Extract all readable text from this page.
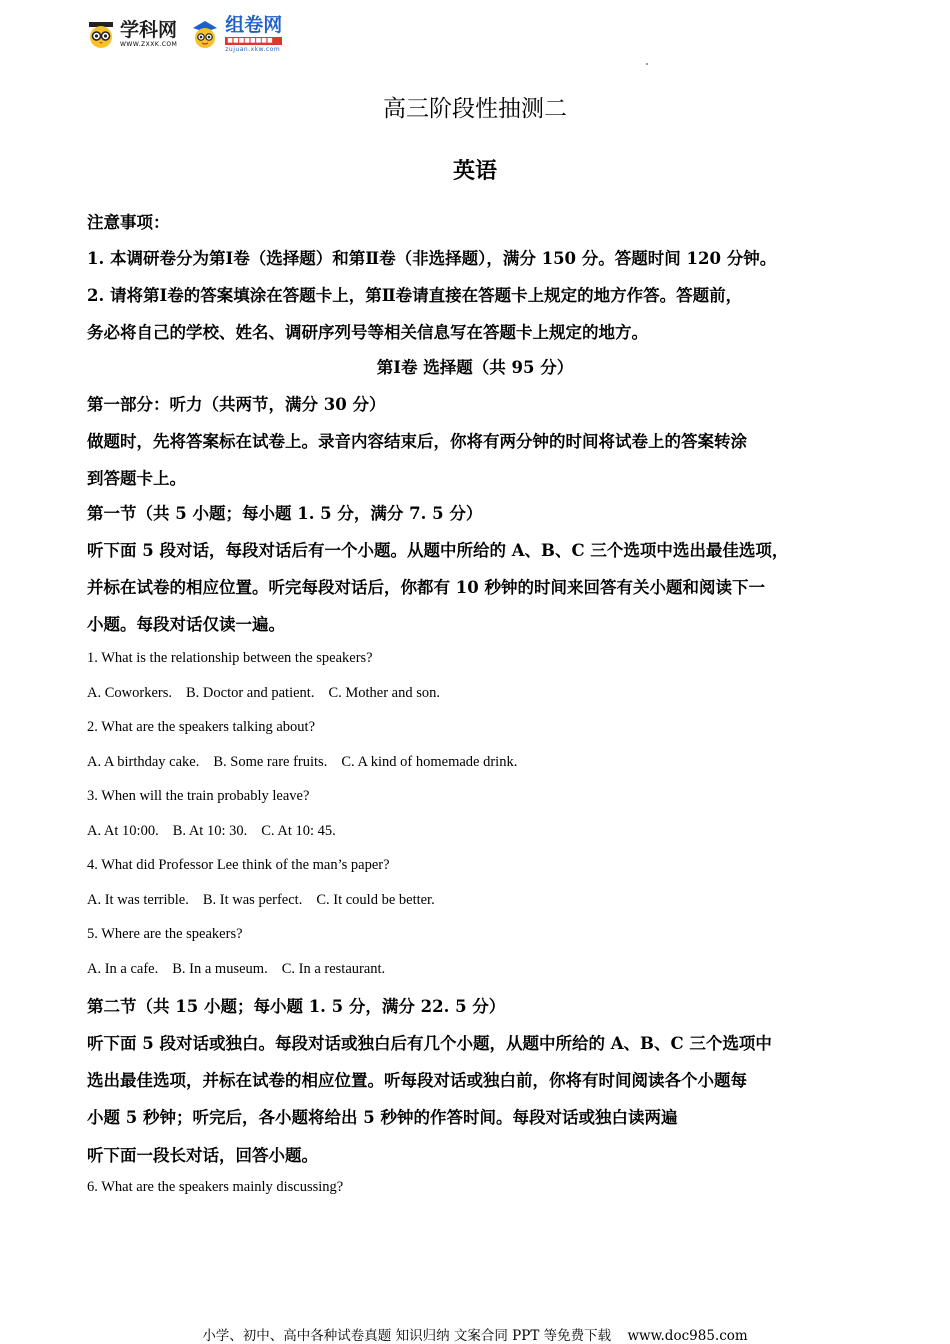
学科网
WWW.ZXXK.COM
组卷网
■■■■■■■■
zujuan.xkw.com
高三阶段性抽测二
英语
注意事项：
1. 本调研卷分为第Ⅰ卷（选择题）和第Ⅱ卷（非选择题），满分 150 分。答题时间 120 分钟。
2. 请将第Ⅰ卷的答案填涂在答题卡上，第Ⅱ卷请直接在答题卡上规定的地方作答。答题前，
务必将自己的学校、姓名、调研序列号等相关信息写在答题卡上规定的地方。
第Ⅰ卷 选择题（共 95 分）
第一部分：听力（共两节，满分 30 分）
做题时，先将答案标在试卷上。录音内容结束后，你将有两分钟的时间将试卷上的答案转涂
到答题卡上。
第一节（共 5 小题；每小题 1. 5 分，满分 7. 5 分）
听下面 5 段对话，每段对话后有一个小题。从题中所给的 A、B、C 三个选项中选出最佳选项，
并标在试卷的相应位置。听完每段对话后，你都有 10 秒钟的时间来回答有关小题和阅读下一
小题。每段对话仅读一遍。
1. What is the relationship between the speakers?
A. Coworkers. B. Doctor and patient. C. Mother and son.
2. What are the speakers talking about?
A. A birthday cake. B. Some rare fruits. C. A kind of homemade drink.
3. When will the train probably leave?
A. At 10:00. B. At 10: 30. C. At 10: 45.
4. What did Professor Lee think of the man’s paper?
A. It was terrible. B. It was perfect. C. It could be better.
5. Where are the speakers?
A. In a cafe. B. In a museum. C. In a restaurant.
第二节（共 15 小题；每小题 1. 5 分，满分 22. 5 分）
听下面 5 段对话或独白。每段对话或独白后有几个小题，从题中所给的 A、B、C 三个选项中
选出最佳选项，并标在试卷的相应位置。听每段对话或独白前，你将有时间阅读各个小题每
小题 5 秒钟；听完后，各小题将给出 5 秒钟的作答时间。每段对话或独白读两遍
听下面一段长对话，回答小题。
6. What are the speakers mainly discussing?
小学、初中、高中各种试卷真题 知识归纳 文案合同 PPT 等免费下载 www.doc985.com
